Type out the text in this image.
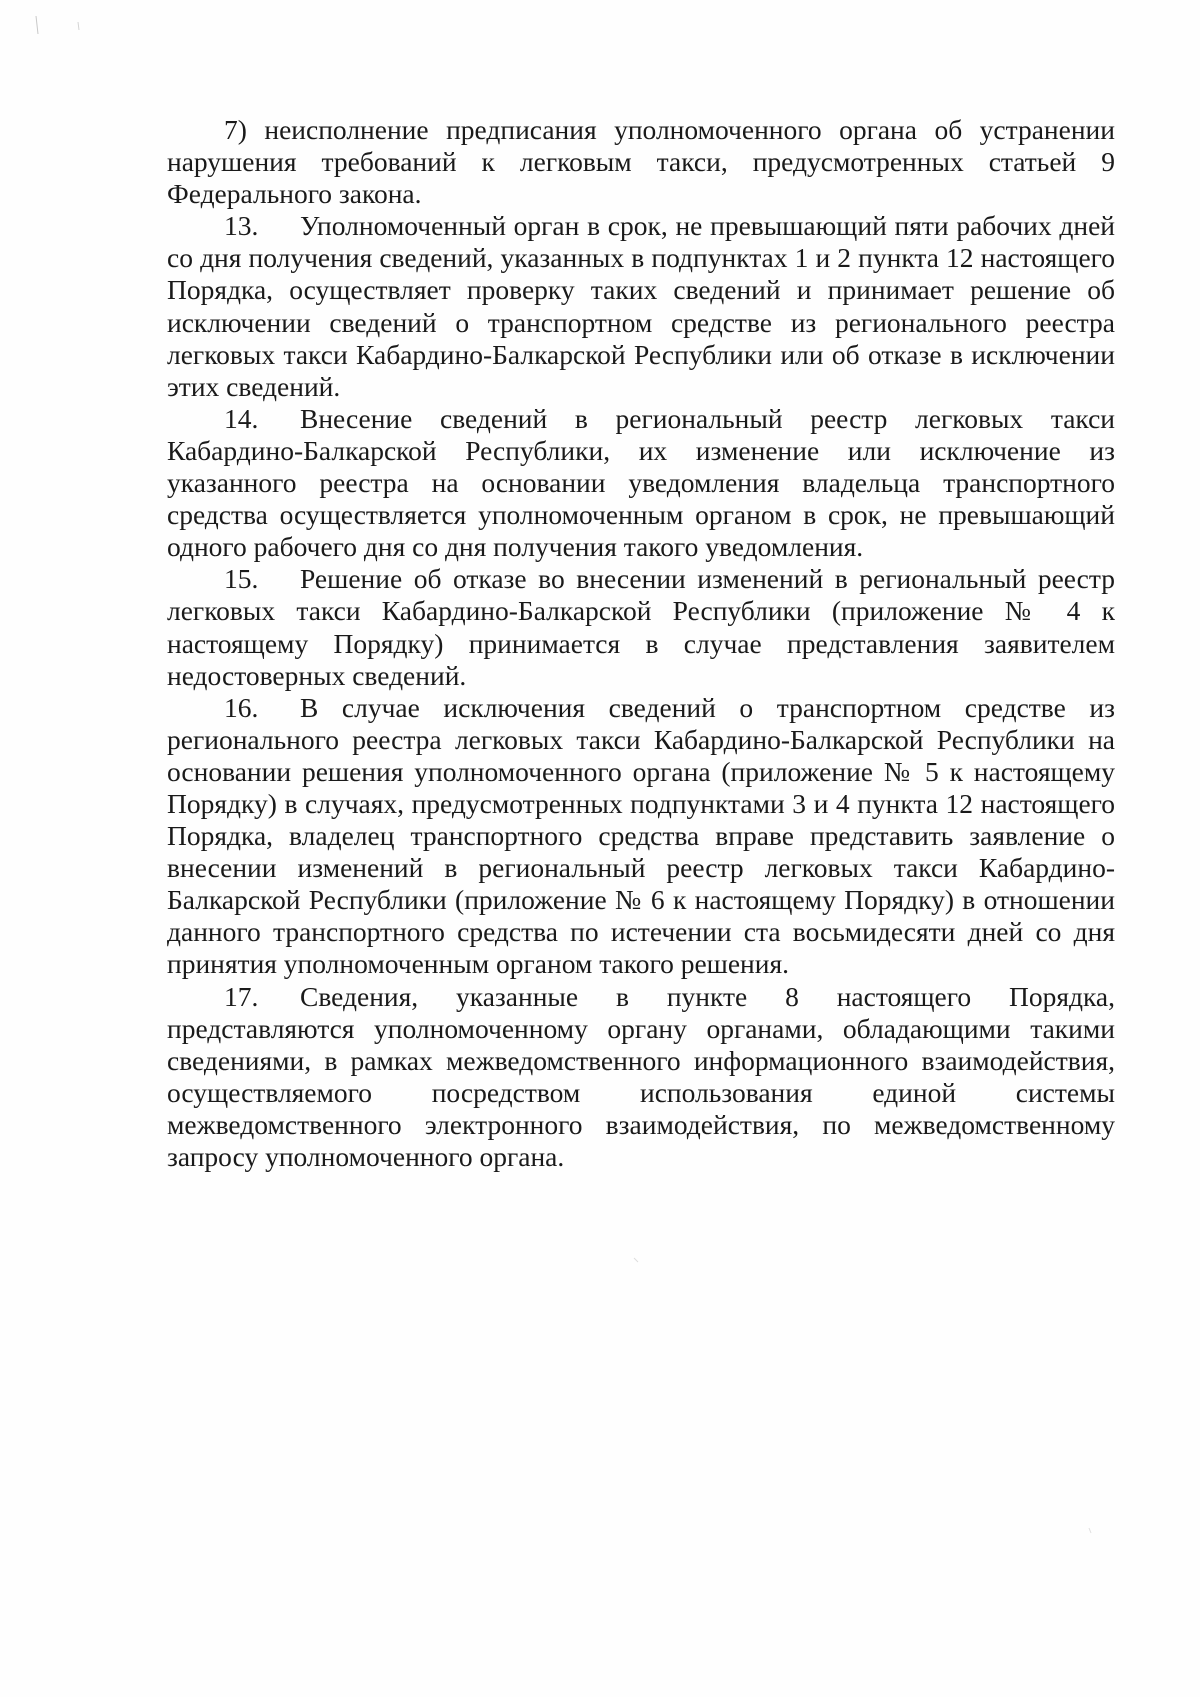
7) неисполнение предписания уполномоченного органа об устранении нарушения требований к легковым такси, предусмотренных статьей 9 Федерального закона.

13. Уполномоченный орган в срок, не превышающий пяти рабочих дней со дня получения сведений, указанных в подпунктах 1 и 2 пункта 12 настоящего Порядка, осуществляет проверку таких сведений и принимает решение об исключении сведений о транспортном средстве из регионального реестра легковых такси Кабардино-Балкарской Республики или об отказе в исключении этих сведений.

14. Внесение сведений в региональный реестр легковых такси Кабардино-Балкарской Республики, их изменение или исключение из указанного реестра на основании уведомления владельца транспортного средства осуществляется уполномоченным органом в срок, не превышающий одного рабочего дня со дня получения такого уведомления.

15. Решение об отказе во внесении изменений в региональный реестр легковых такси Кабардино-Балкарской Республики (приложение № 4 к настоящему Порядку) принимается в случае представления заявителем недостоверных сведений.

16. В случае исключения сведений о транспортном средстве из регионального реестра легковых такси Кабардино-Балкарской Республики на основании решения уполномоченного органа (приложение № 5 к настоящему Порядку) в случаях, предусмотренных подпунктами 3 и 4 пункта 12 настоящего Порядка, владелец транспортного средства вправе представить заявление о внесении изменений в региональный реестр легковых такси Кабардино-Балкарской Республики (приложение № 6 к настоящему Порядку) в отношении данного транспортного средства по истечении ста восьмидесяти дней со дня принятия уполномоченным органом такого решения.

17. Сведения, указанные в пункте 8 настоящего Порядка, представляются уполномоченному органу органами, обладающими такими сведениями, в рамках межведомственного информационного взаимодействия, осуществляемого посредством использования единой системы межведомственного электронного взаимодействия, по межведомственному запросу уполномоченного органа.
